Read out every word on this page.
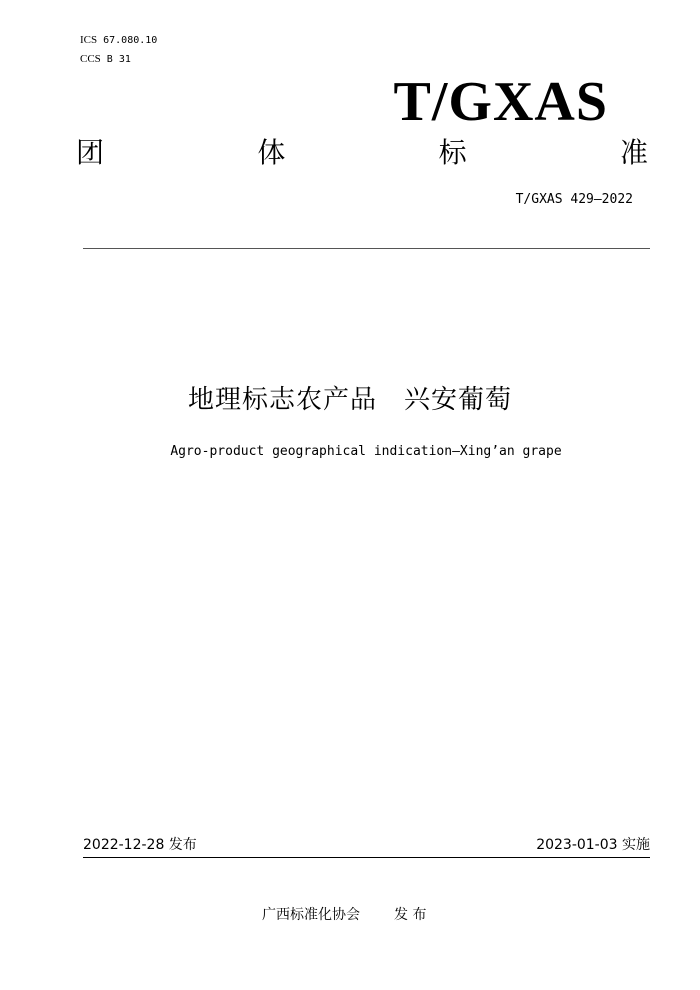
ICS 67.080.10
CCS B 31
T/GXAS
团	体	标	准
T/GXAS 429—2022
地理标志农产品　兴安葡萄
Agro-product geographical indication—Xing’an grape
2022-12-28 发布	2023-01-03 实施
广西标准化协会 发 布
